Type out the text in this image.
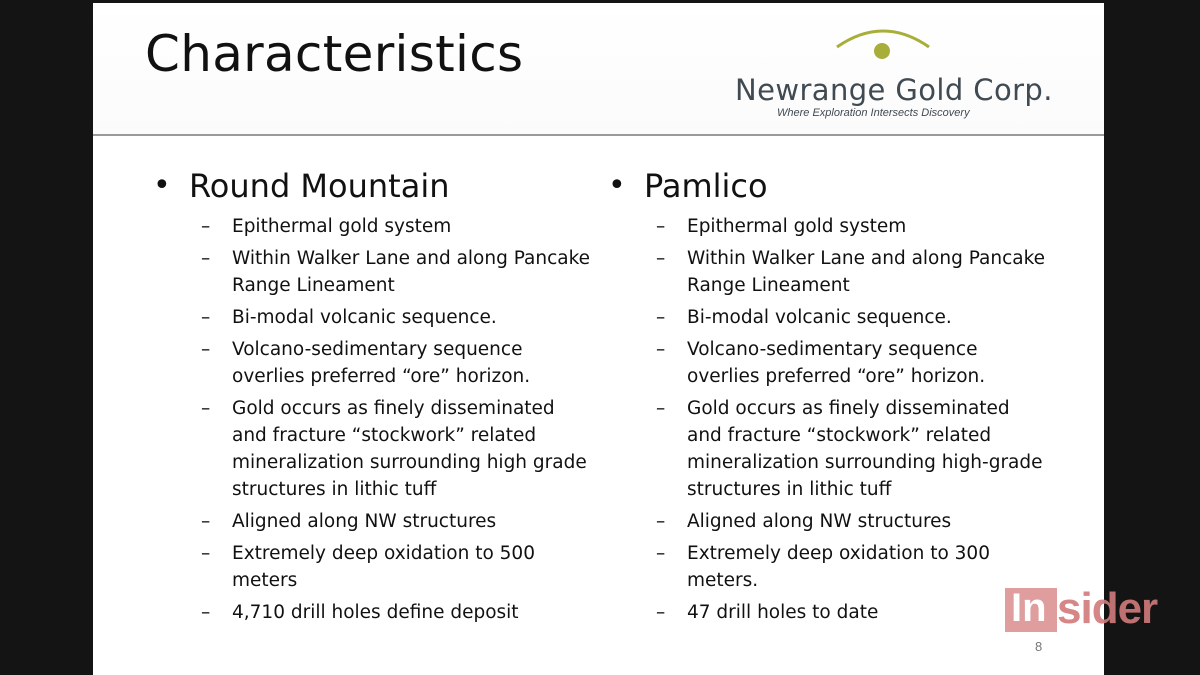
Characteristics
Newrange Gold Corp.
Where Exploration Intersects Discovery
• Round Mountain
– Epithermal gold system
– Within Walker Lane and along Pancake Range Lineament
– Bi-modal volcanic sequence.
– Volcano-sedimentary sequence overlies preferred “ore” horizon.
– Gold occurs as finely disseminated and fracture “stockwork” related mineralization surrounding high grade structures in lithic tuff
– Aligned along NW structures
– Extremely deep oxidation to 500 meters
– 4,710 drill holes define deposit
• Pamlico
– Epithermal gold system
– Within Walker Lane and along Pancake Range Lineament
– Bi-modal volcanic sequence.
– Volcano-sedimentary sequence overlies preferred “ore” horizon.
– Gold occurs as finely disseminated and fracture “stockwork” related mineralization surrounding high-grade structures in lithic tuff
– Aligned along NW structures
– Extremely deep oxidation to 300 meters.
– 47 drill holes to date
8
In sider
